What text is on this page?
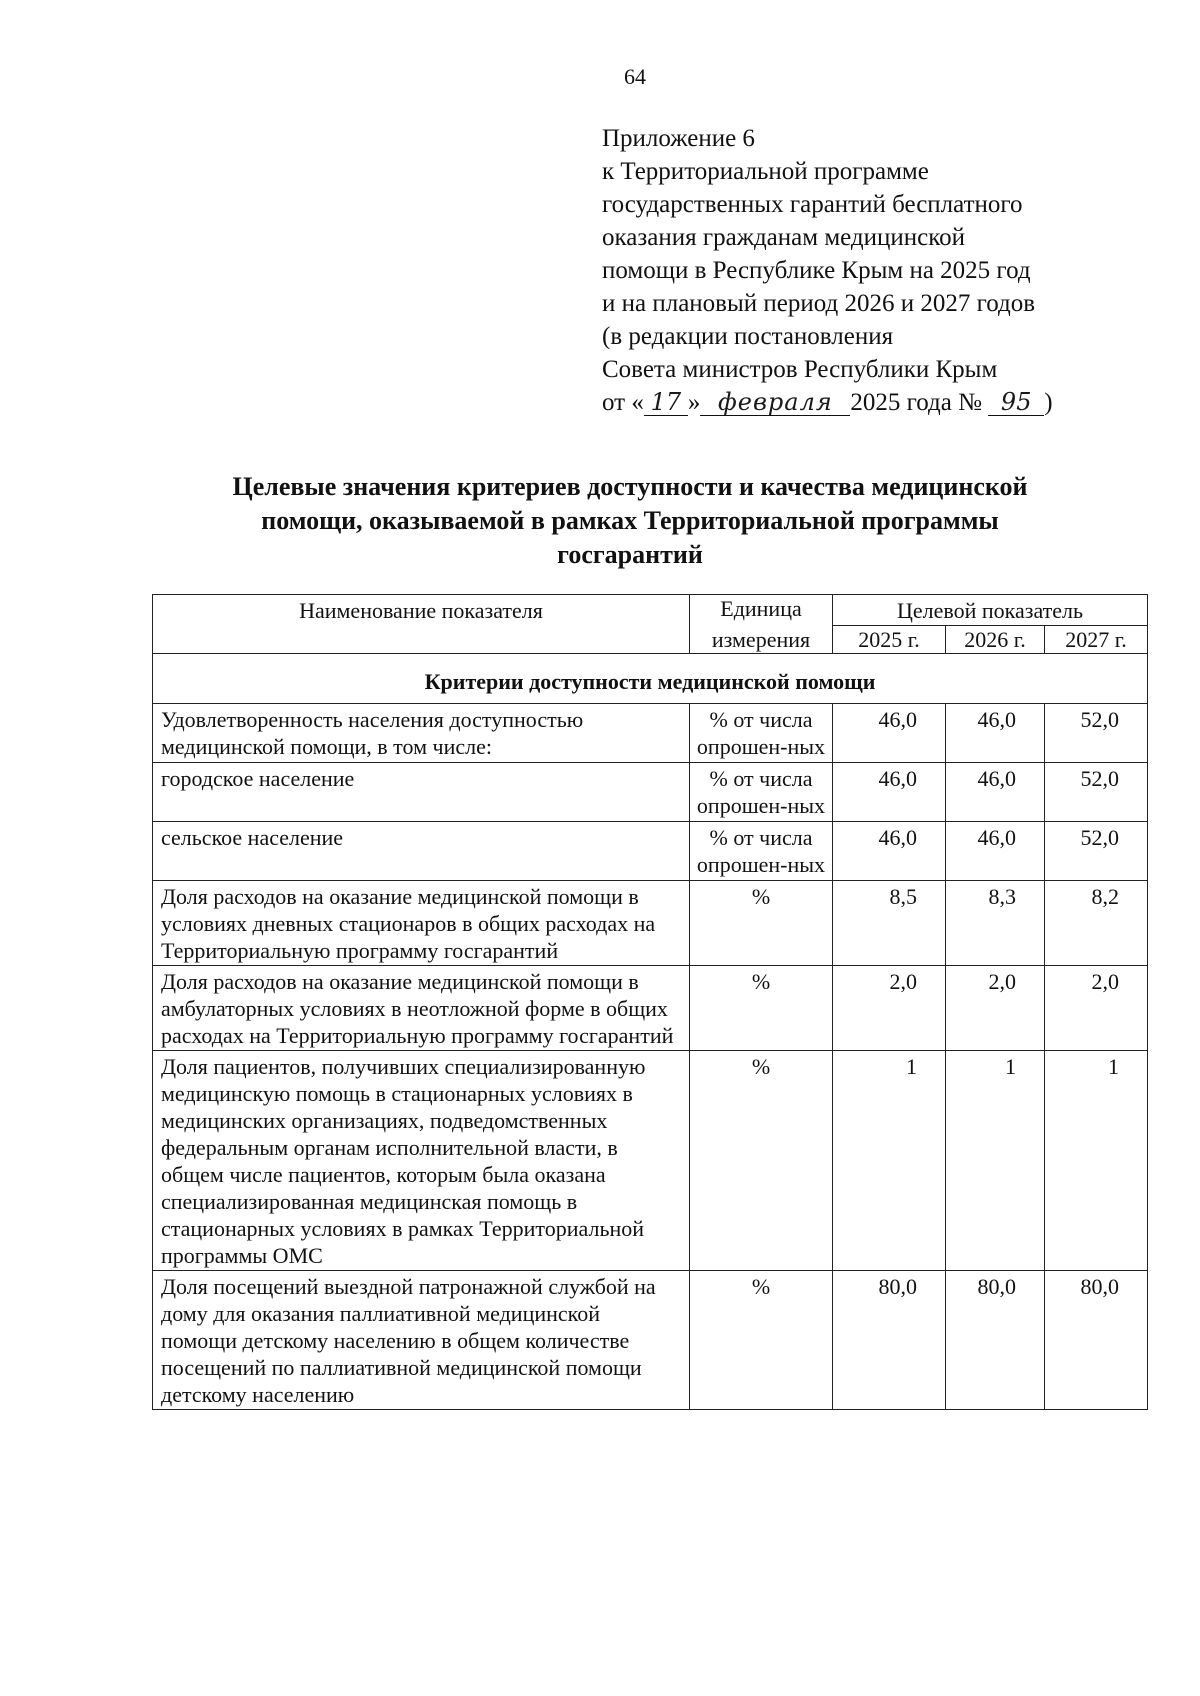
64
Приложение 6
к Территориальной программе
государственных гарантий бесплатного
оказания гражданам медицинской
помощи в Республике Крым на 2025 год
и на плановый период 2026 и 2027 годов
(в редакции постановления
Совета министров Республики Крым
от « 17 » февраля 2025 года № 95 )
Целевые значения критериев доступности и качества медицинской
помощи, оказываемой в рамках Территориальной программы
госгарантий
Наименование показателя	Единица	Целевой показатель		
	измерения	2025 г.	2026 г.	2027 г.
Критерии доступности медицинской помощи				
Удовлетворенность населения доступностью медицинской помощи, в том числе:	% от числа опрошен-ных	46,0	46,0	52,0
городское население	% от числа опрошен-ных	46,0	46,0	52,0
сельское население	% от числа опрошен-ных	46,0	46,0	52,0
Доля расходов на оказание медицинской помощи в условиях дневных стационаров в общих расходах на Территориальную программу госгарантий	%	8,5	8,3	8,2
Доля расходов на оказание медицинской помощи в амбулаторных условиях в неотложной форме в общих расходах на Территориальную программу госгарантий	%	2,0	2,0	2,0
Доля пациентов, получивших специализированную медицинскую помощь в стационарных условиях в медицинских организациях, подведомственных федеральным органам исполнительной власти, в общем числе пациентов, которым была оказана специализированная медицинская помощь в стационарных условиях в рамках Территориальной программы ОМС	%	1	1	1
Доля посещений выездной патронажной службой на дому для оказания паллиативной медицинской помощи детскому населению в общем количестве посещений по паллиативной медицинской помощи детскому населению	%	80,0	80,0	80,0
